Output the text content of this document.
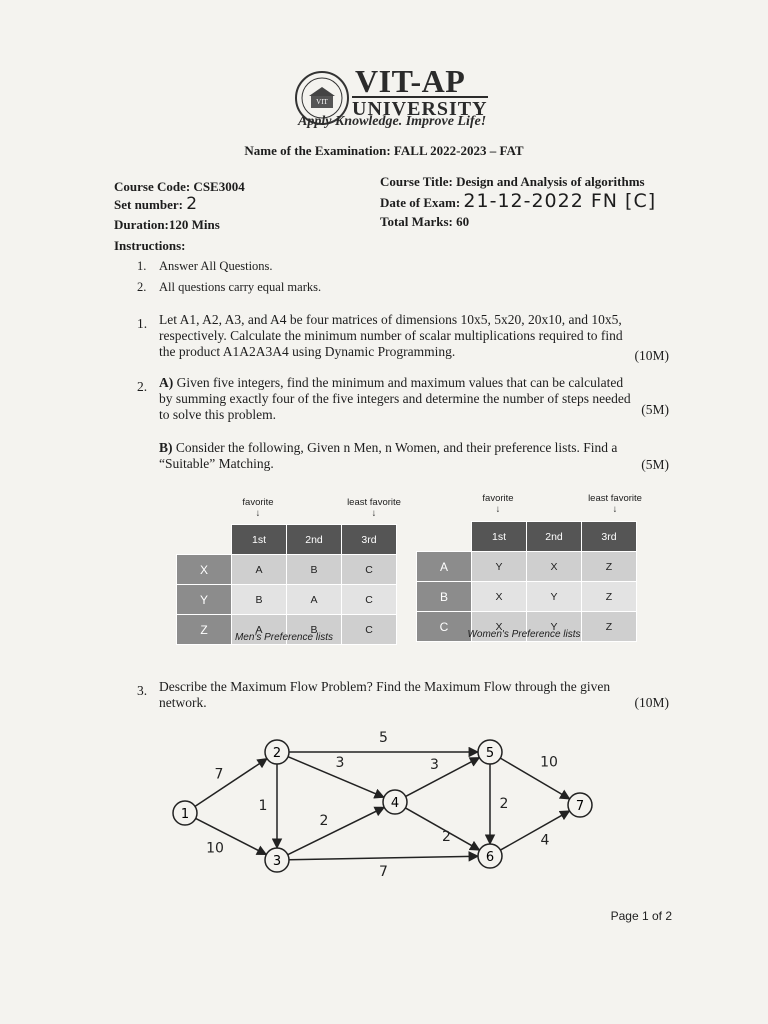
VIT
VIT-AP
UNIVERSITY
Apply Knowledge. Improve Life!
Name of the Examination: FALL 2022-2023 – FAT
Course Code: CSE3004
Set number: 2
Duration:120 Mins
Course Title: Design and Analysis of algorithms
Date of Exam: 21-12-2022 FN [C]
Total Marks: 60
Instructions:
1. Answer All Questions.
2. All questions carry equal marks.
1. Let A1, A2, A3, and A4 be four matrices of dimensions 10x5, 5x20, 20x10, and 10x5,
respectively. Calculate the minimum number of scalar multiplications required to find
the product A1A2A3A4 using Dynamic Programming.	(10M)
2. A) Given five integers, find the minimum and maximum values that can be calculated
by summing exactly four of the five integers and determine the number of steps needed
to solve this problem.	(5M)
B) Consider the following, Given n Men, n Women, and their preference lists. Find a
“Suitable” Matching.	(5M)
favorite
↓
least favorite
↓
favorite
↓
least favorite
↓
	1st	2nd	3rd
X	A	B	C
Y	B	A	C
Z	A	B	C
Men's Preference lists
	1st	2nd	3rd
A	Y	X	Z
B	X	Y	Z
C	X	Y	Z
Women's Preference lists
3. Describe the Maximum Flow Problem? Find the Maximum Flow through the given
network.	(10M)
7
10
1
5
3
2
7
3
2
2
10
4
1
2
3
4
5
6
7
Page 1 of 2
